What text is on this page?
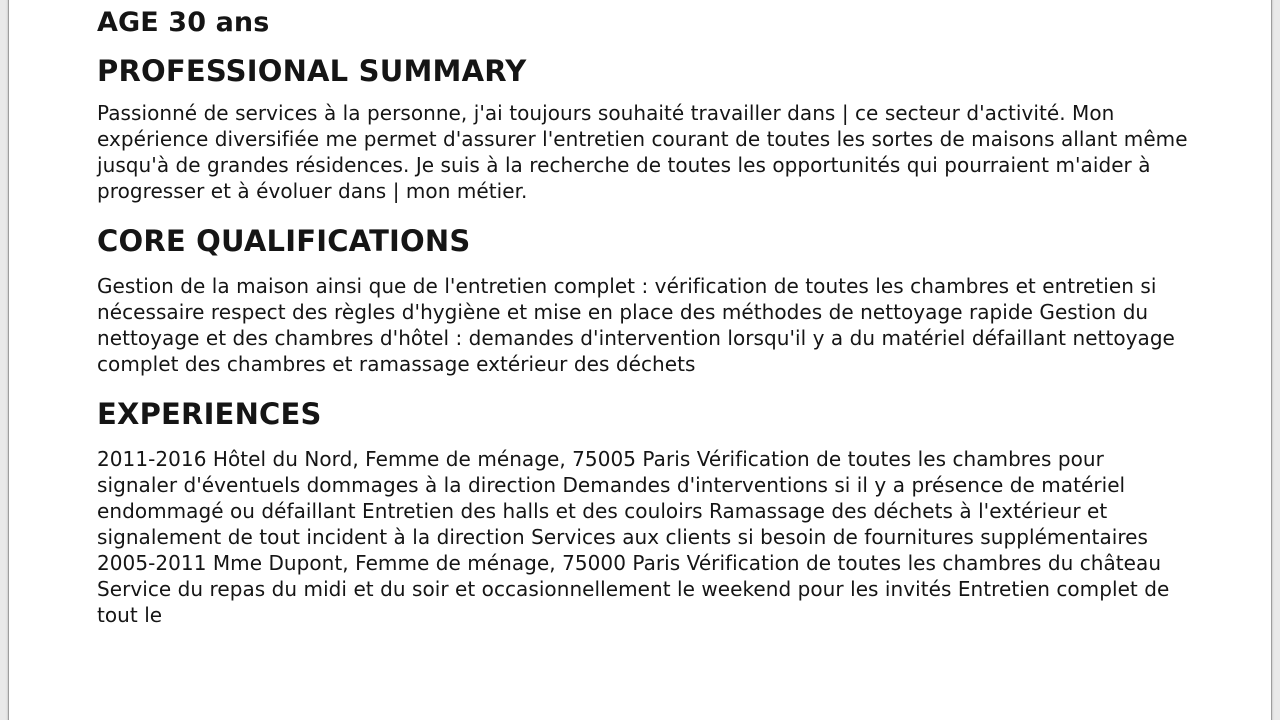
AGE 30 ans
PROFESSIONAL SUMMARY

Passionné de services à la personne, j'ai toujours souhaité travailler dans | ce secteur d'activité. Mon expérience diversifiée me permet d'assurer l'entretien courant de toutes les sortes de maisons allant même jusqu'à de grandes résidences. Je suis à la recherche de toutes les opportunités qui pourraient m'aider à progresser et à évoluer dans | mon métier.

CORE QUALIFICATIONS

Gestion de la maison ainsi que de l'entretien complet : vérification de toutes les chambres et entretien si nécessaire respect des règles d'hygiène et mise en place des méthodes de nettoyage rapide Gestion du nettoyage et des chambres d'hôtel : demandes d'intervention lorsqu'il y a du matériel défaillant nettoyage complet des chambres et ramassage extérieur des déchets

EXPERIENCES

2011-2016 Hôtel du Nord, Femme de ménage, 75005 Paris Vérification de toutes les chambres pour signaler d'éventuels dommages à la direction Demandes d'interventions si il y a présence de matériel endommagé ou défaillant Entretien des halls et des couloirs Ramassage des déchets à l'extérieur et signalement de tout incident à la direction Services aux clients si besoin de fournitures supplémentaires 2005-2011 Mme Dupont, Femme de ménage, 75000 Paris Vérification de toutes les chambres du château Service du repas du midi et du soir et occasionnellement le weekend pour les invités Entretien complet de tout le
